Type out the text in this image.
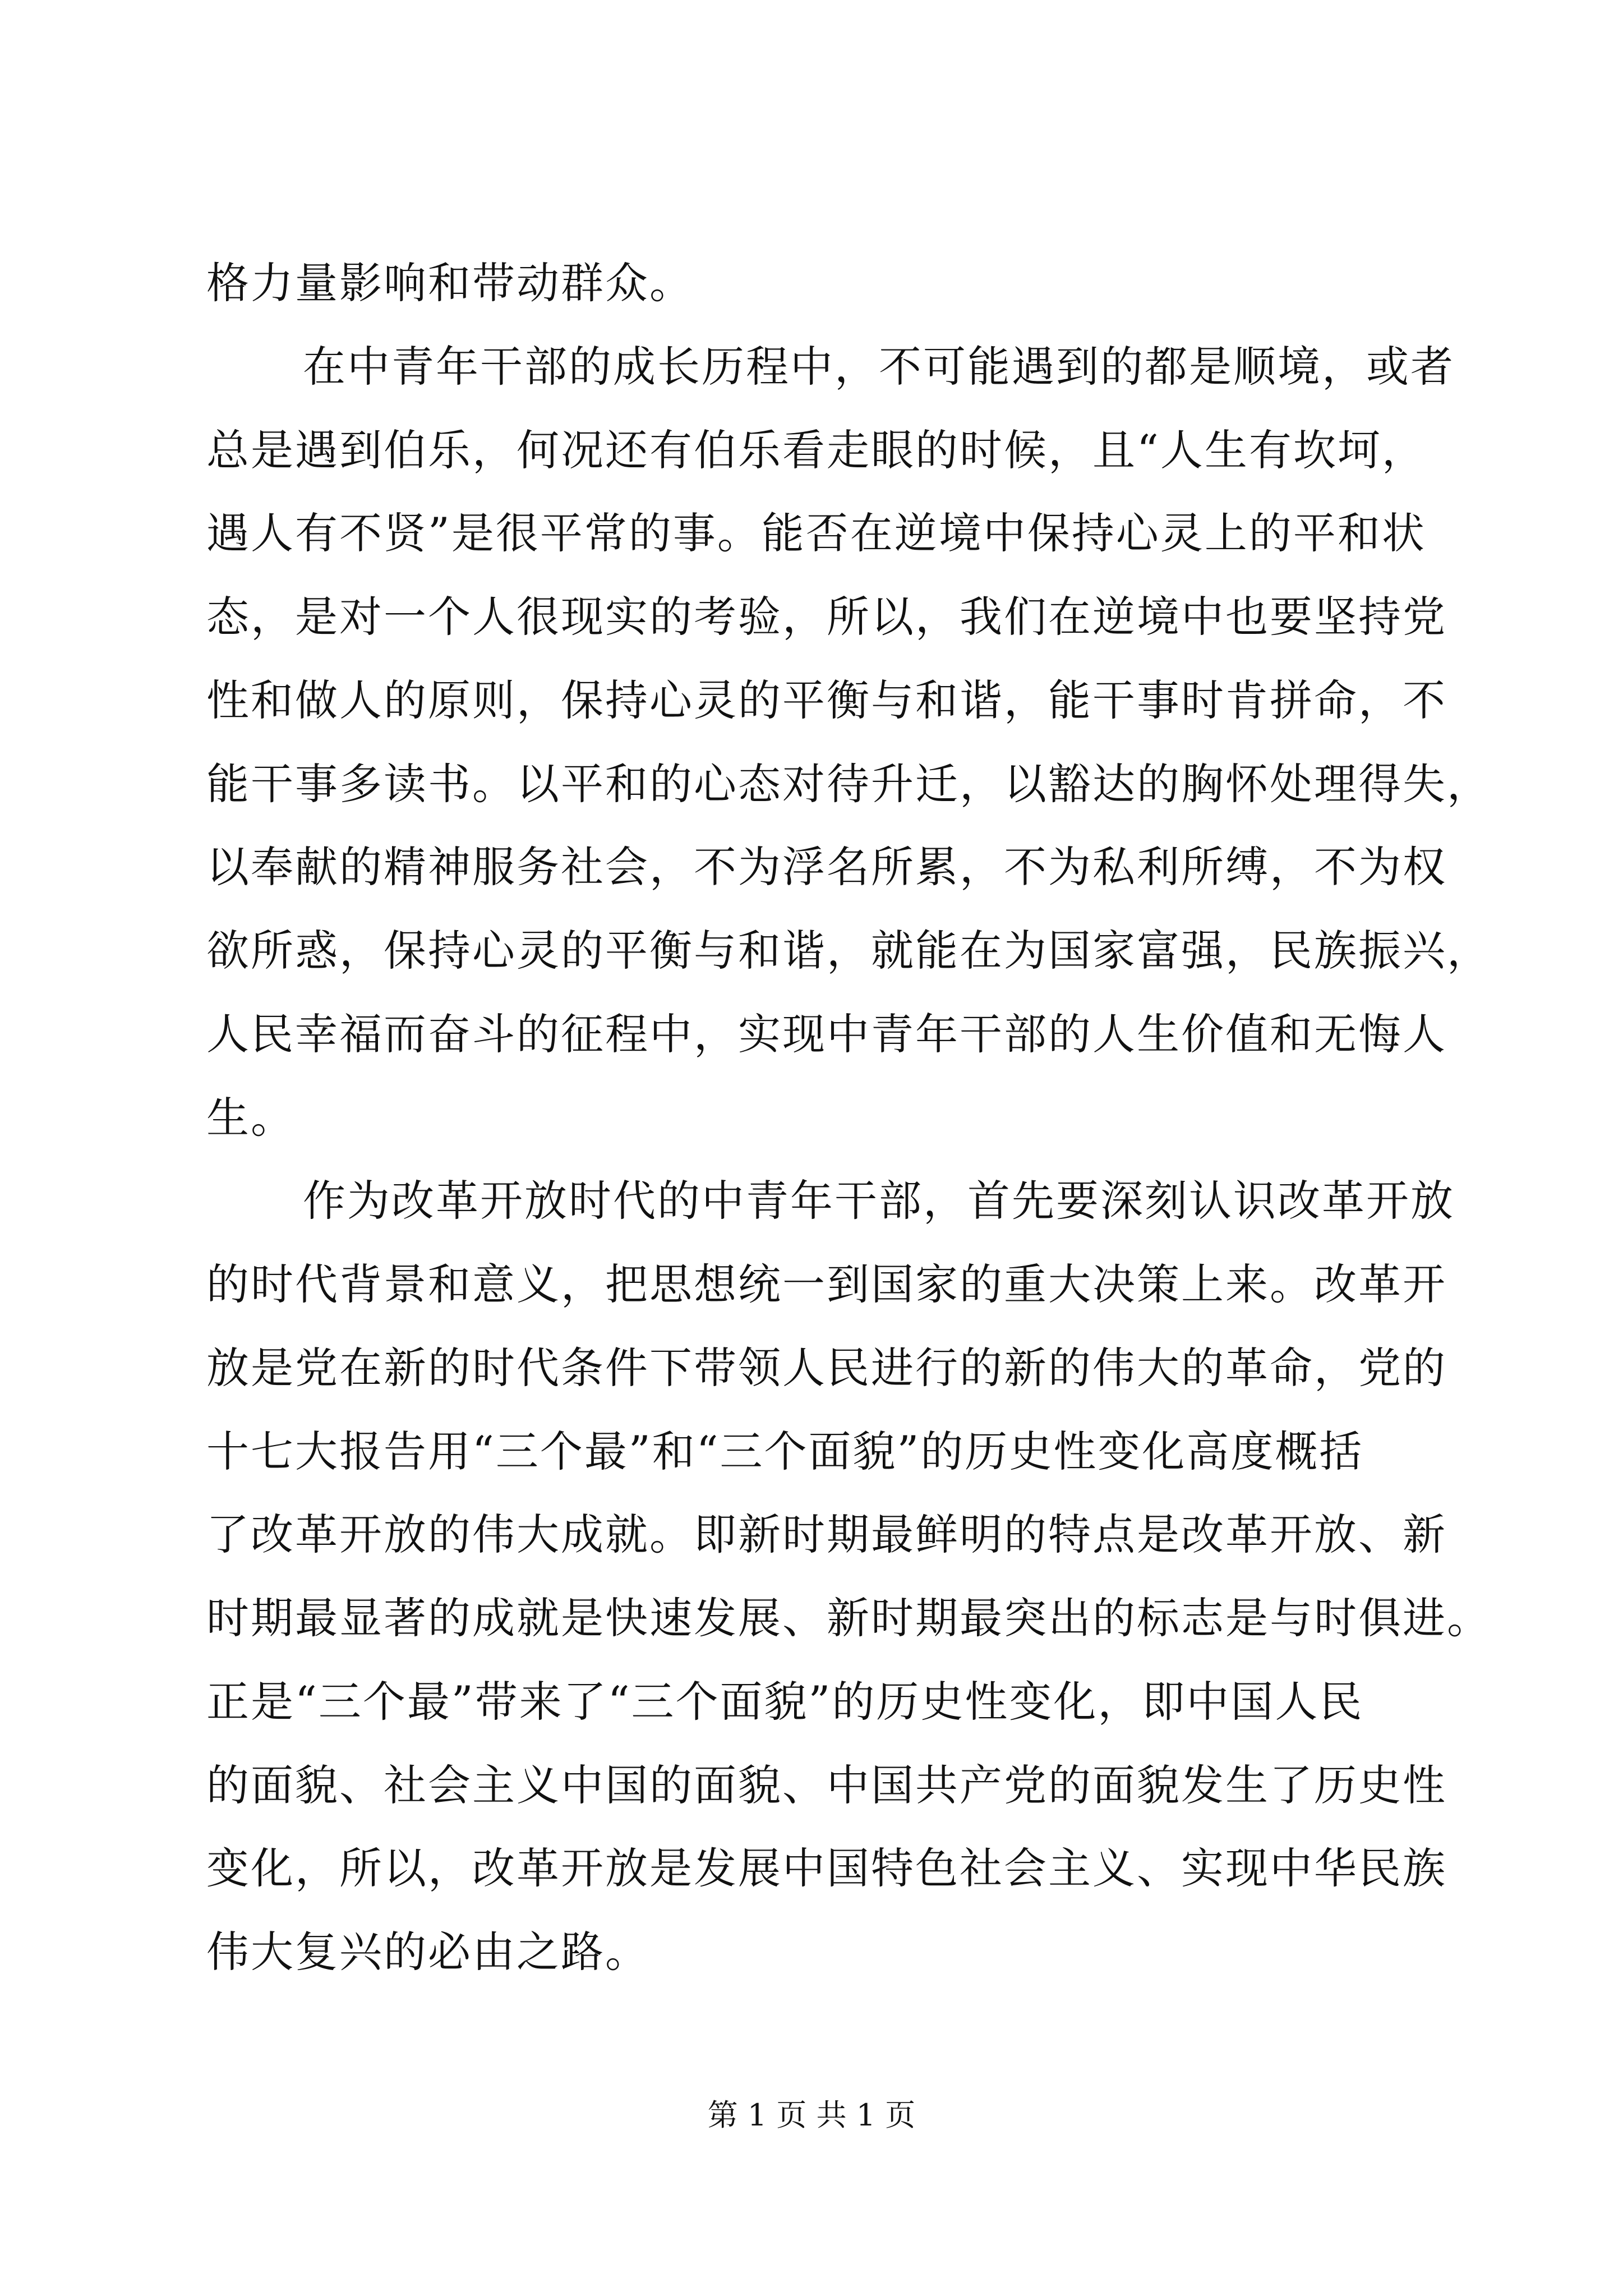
格力量影响和带动群众。
在中青年干部的成长历程中，不可能遇到的都是顺境，或者
总是遇到伯乐，何况还有伯乐看走眼的时候，且“人生有坎坷，
遇人有不贤”是很平常的事。能否在逆境中保持心灵上的平和状
态，是对一个人很现实的考验，所以，我们在逆境中也要坚持党
性和做人的原则，保持心灵的平衡与和谐，能干事时肯拼命，不
能干事多读书。以平和的心态对待升迁，以豁达的胸怀处理得失，
以奉献的精神服务社会，不为浮名所累，不为私利所缚，不为权
欲所惑，保持心灵的平衡与和谐，就能在为国家富强，民族振兴，
人民幸福而奋斗的征程中，实现中青年干部的人生价值和无悔人
生。
作为改革开放时代的中青年干部，首先要深刻认识改革开放
的时代背景和意义，把思想统一到国家的重大决策上来。改革开
放是党在新的时代条件下带领人民进行的新的伟大的革命，党的
十七大报告用“三个最”和“三个面貌”的历史性变化高度概括
了改革开放的伟大成就。即新时期最鲜明的特点是改革开放、新
时期最显著的成就是快速发展、新时期最突出的标志是与时俱进。
正是“三个最”带来了“三个面貌”的历史性变化，即中国人民
的面貌、社会主义中国的面貌、中国共产党的面貌发生了历史性
变化，所以，改革开放是发展中国特色社会主义、实现中华民族
伟大复兴的必由之路。
第 1 页 共 1 页
